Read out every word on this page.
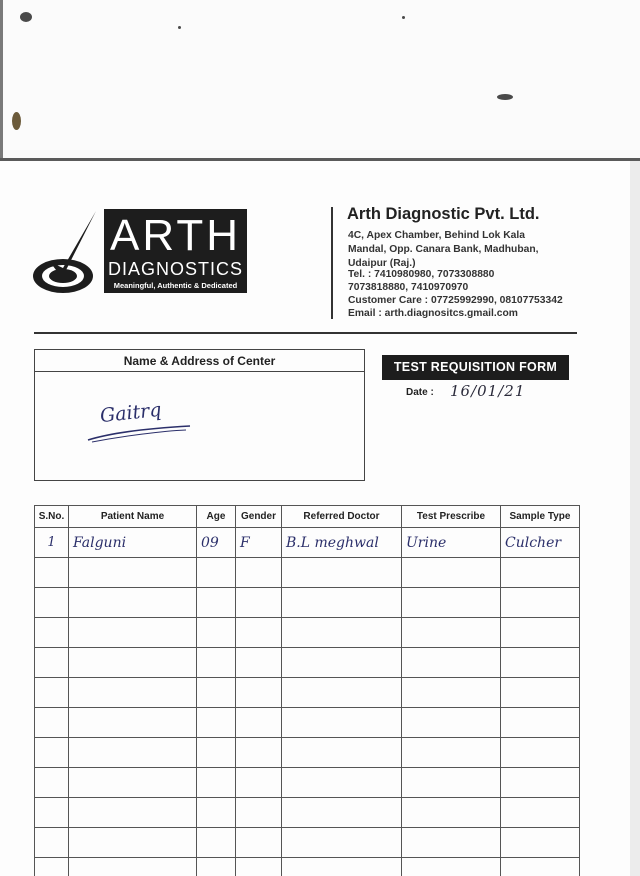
ARTH
DIAGNOSTICS
Meaningful, Authentic & Dedicated
Arth Diagnostic Pvt. Ltd.
4C, Apex Chamber, Behind Lok Kala
Mandal, Opp. Canara Bank, Madhuban,
Udaipur (Raj.)
Tel. : 7410980980, 7073308880
7073818880, 7410970970
Customer Care : 07725992990, 08107753342
Email : arth.diagnositcs.gmail.com
Name & Address of Center
Gaitrq
TEST REQUISITION FORM
Date : 16/01/21
S.No.	Patient Name	Age	Gender	Referred Doctor	Test Prescribe	Sample Type
1	Falguni	09	F	B.L meghwal	Urine	Culcher
